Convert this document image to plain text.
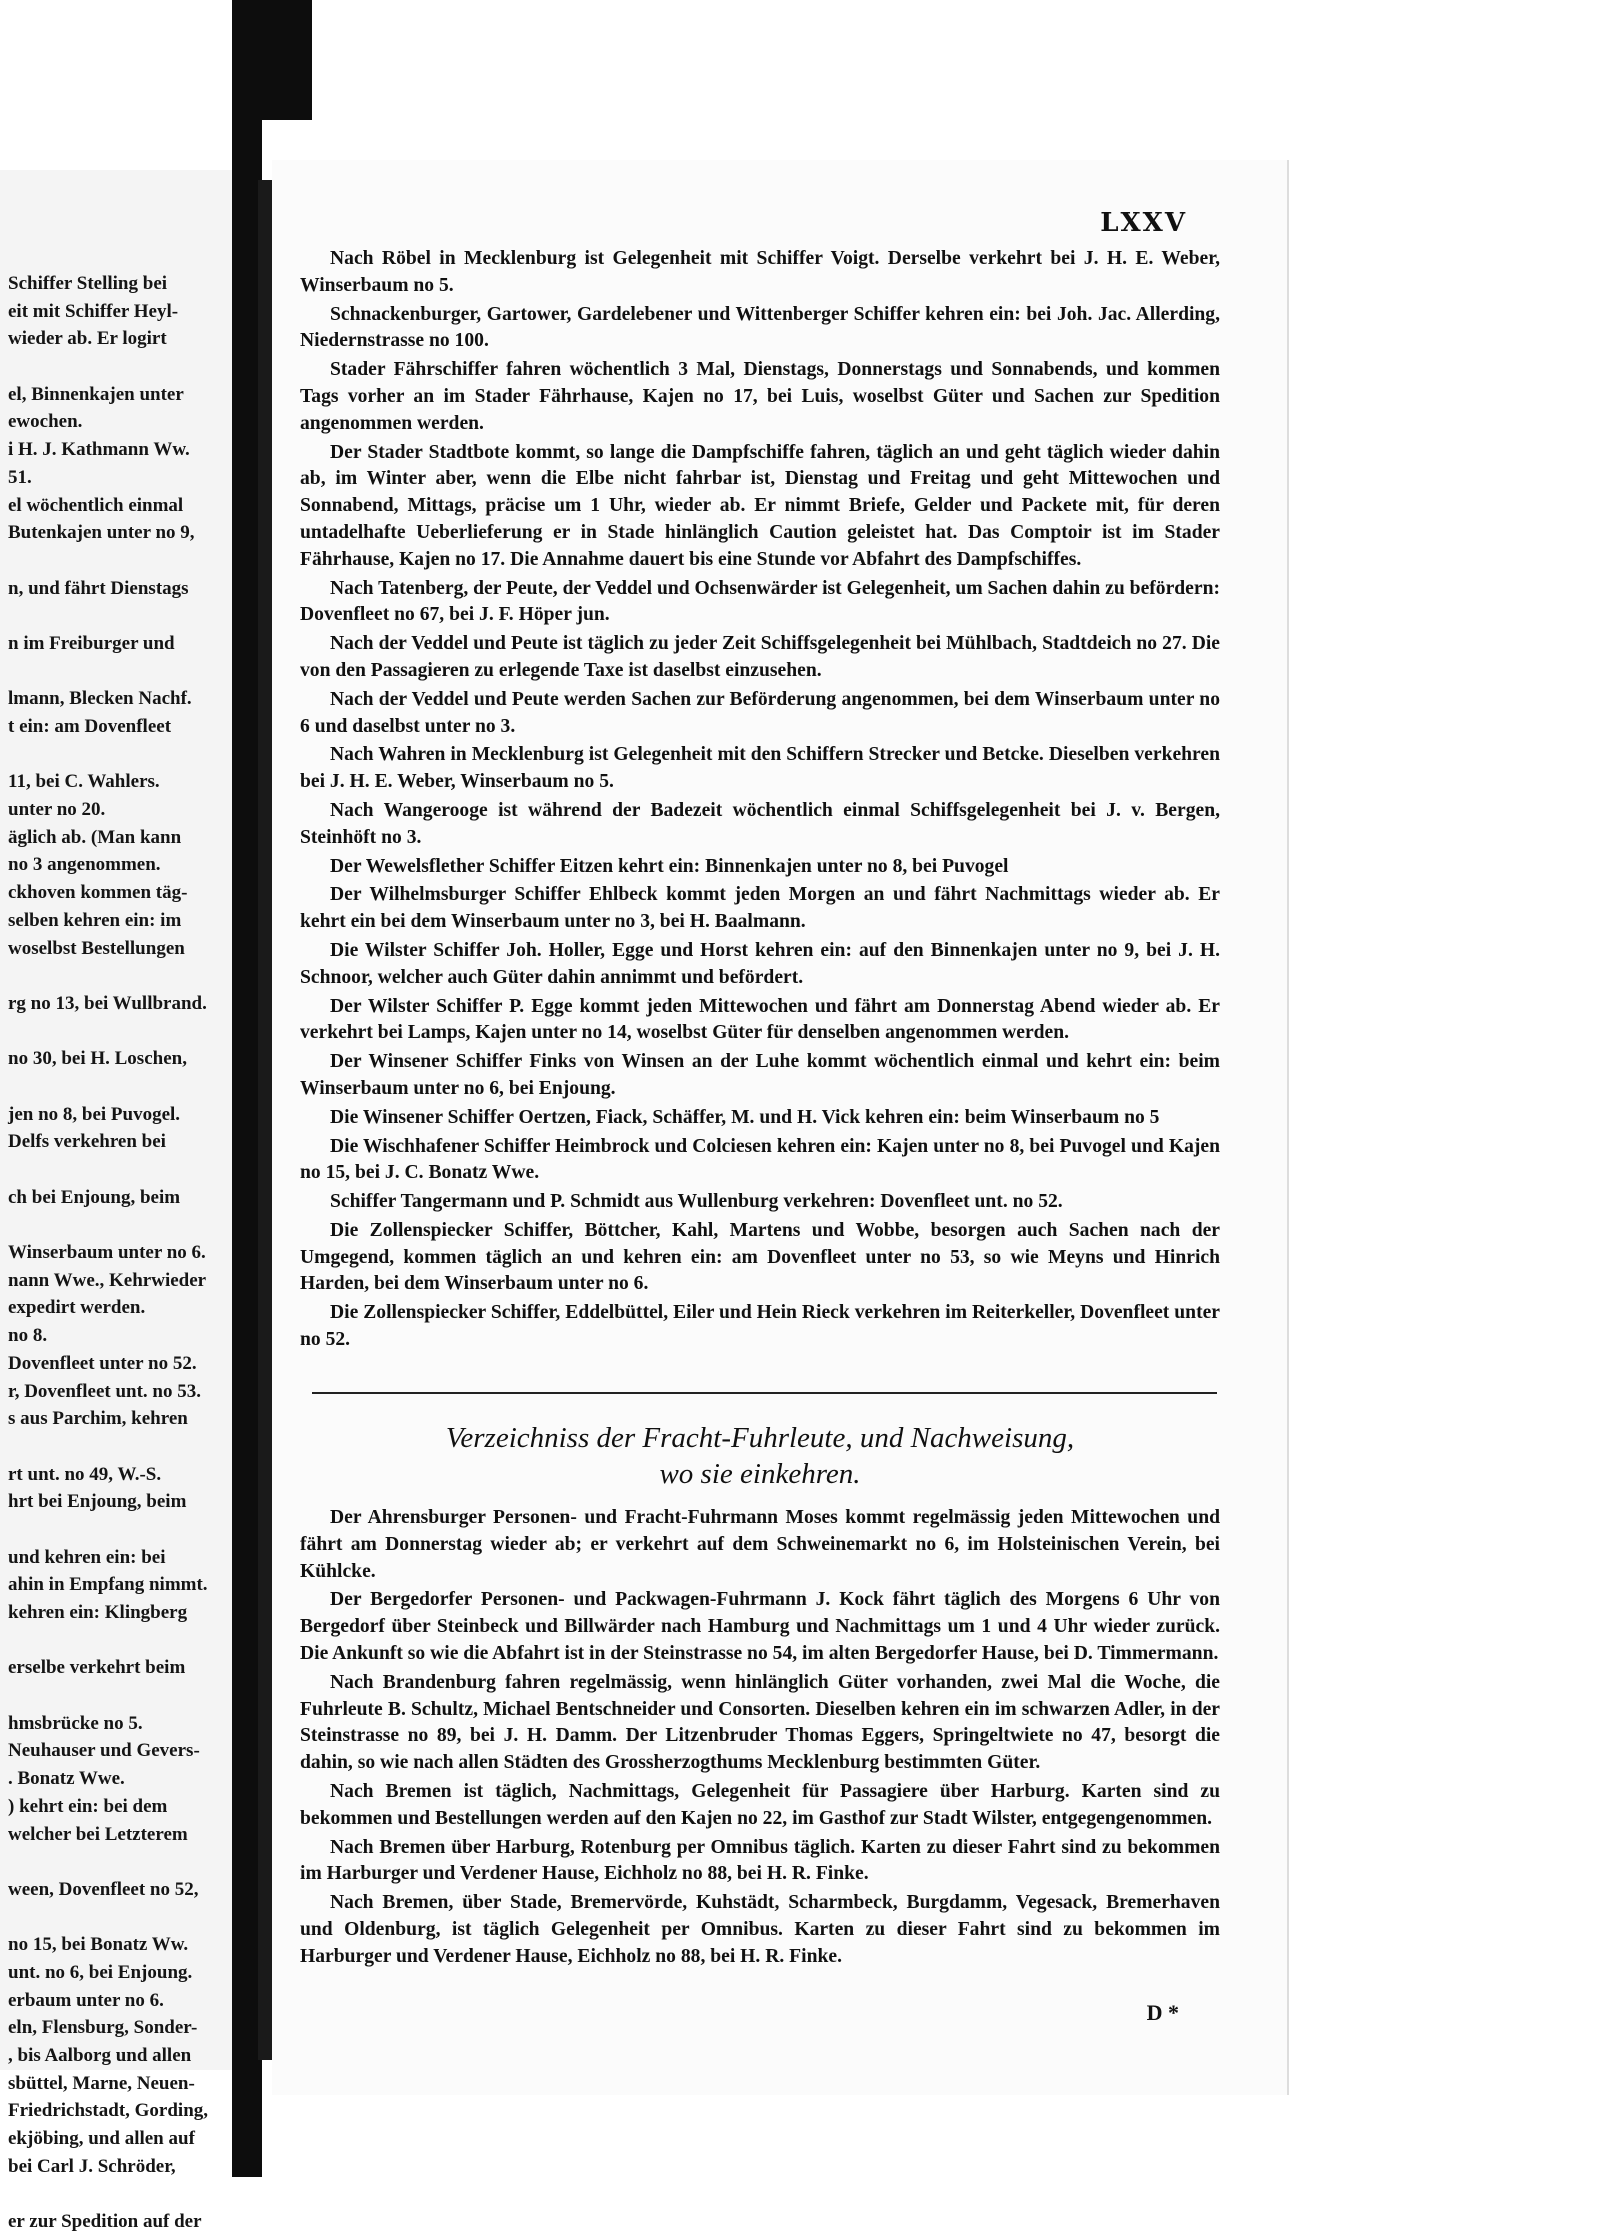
Schiffer Stelling bei
eit mit Schiffer Heyl-
wieder ab. Er logirt
el, Binnenkajen unter
ewochen.
i H. J. Kathmann Ww.
51.
el wöchentlich einmal
Butenkajen unter no 9,
n, und fährt Dienstags
n im Freiburger und
lmann, Blecken Nachf.
t ein: am Dovenfleet
11, bei C. Wahlers.
unter no 20.
äglich ab. (Man kann
no 3 angenommen.
ckhoven kommen täg-
selben kehren ein: im
woselbst Bestellungen
rg no 13, bei Wullbrand.
no 30, bei H. Loschen,
jen no 8, bei Puvogel.
Delfs verkehren bei
ch bei Enjoung, beim
Winserbaum unter no 6.
nann Wwe., Kehrwieder
expedirt werden.
no 8.
Dovenfleet unter no 52.
r, Dovenfleet unt. no 53.
s aus Parchim, kehren
rt unt. no 49, W.-S.
hrt bei Enjoung, beim
und kehren ein: bei
ahin in Empfang nimmt.
kehren ein: Klingberg
erselbe verkehrt beim
hmsbrücke no 5.
Neuhauser und Gevers-
. Bonatz Wwe.
) kehrt ein: bei dem
welcher bei Letzterem
ween, Dovenfleet no 52,
no 15, bei Bonatz Ww.
unt. no 6, bei Enjoung.
erbaum unter no 6.
eln, Flensburg, Sonder-
, bis Aalborg und allen
sbüttel, Marne, Neuen-
Friedrichstadt, Gording,
ekjöbing, und allen auf
bei Carl J. Schröder,
er zur Spedition auf der
LXXV

Nach Röbel in Mecklenburg ist Gelegenheit mit Schiffer Voigt. Derselbe verkehrt bei J. H. E. Weber, Winserbaum no 5.

Schnackenburger, Gartower, Gardelebener und Wittenberger Schiffer kehren ein: bei Joh. Jac. Allerding, Niedernstrasse no 100.

Stader Fährschiffer fahren wöchentlich 3 Mal, Dienstags, Donnerstags und Sonnabends, und kommen Tags vorher an im Stader Fährhause, Kajen no 17, bei Luis, woselbst Güter und Sachen zur Spedition angenommen werden.

Der Stader Stadtbote kommt, so lange die Dampfschiffe fahren, täglich an und geht täglich wieder dahin ab, im Winter aber, wenn die Elbe nicht fahrbar ist, Dienstag und Freitag und geht Mittewochen und Sonnabend, Mittags, präcise um 1 Uhr, wieder ab. Er nimmt Briefe, Gelder und Packete mit, für deren untadelhafte Ueberlieferung er in Stade hinlänglich Caution geleistet hat. Das Comptoir ist im Stader Fährhause, Kajen no 17. Die Annahme dauert bis eine Stunde vor Abfahrt des Dampfschiffes.

Nach Tatenberg, der Peute, der Veddel und Ochsenwärder ist Gelegenheit, um Sachen dahin zu befördern: Dovenfleet no 67, bei J. F. Höper jun.

Nach der Veddel und Peute ist täglich zu jeder Zeit Schiffsgelegenheit bei Mühlbach, Stadtdeich no 27. Die von den Passagieren zu erlegende Taxe ist daselbst einzusehen.

Nach der Veddel und Peute werden Sachen zur Beförderung angenommen, bei dem Winserbaum unter no 6 und daselbst unter no 3.

Nach Wahren in Mecklenburg ist Gelegenheit mit den Schiffern Strecker und Betcke. Dieselben verkehren bei J. H. E. Weber, Winserbaum no 5.

Nach Wangerooge ist während der Badezeit wöchentlich einmal Schiffsgelegenheit bei J. v. Bergen, Steinhöft no 3.

Der Wewelsflether Schiffer Eitzen kehrt ein: Binnenkajen unter no 8, bei Puvogel

Der Wilhelmsburger Schiffer Ehlbeck kommt jeden Morgen an und fährt Nachmittags wieder ab. Er kehrt ein bei dem Winserbaum unter no 3, bei H. Baalmann.

Die Wilster Schiffer Joh. Holler, Egge und Horst kehren ein: auf den Binnenkajen unter no 9, bei J. H. Schnoor, welcher auch Güter dahin annimmt und befördert.

Der Wilster Schiffer P. Egge kommt jeden Mittewochen und fährt am Donnerstag Abend wieder ab. Er verkehrt bei Lamps, Kajen unter no 14, woselbst Güter für denselben angenommen werden.

Der Winsener Schiffer Finks von Winsen an der Luhe kommt wöchentlich einmal und kehrt ein: beim Winserbaum unter no 6, bei Enjoung.

Die Winsener Schiffer Oertzen, Fiack, Schäffer, M. und H. Vick kehren ein: beim Winserbaum no 5

Die Wischhafener Schiffer Heimbrock und Colciesen kehren ein: Kajen unter no 8, bei Puvogel und Kajen no 15, bei J. C. Bonatz Wwe.

Schiffer Tangermann und P. Schmidt aus Wullenburg verkehren: Dovenfleet unt. no 52.

Die Zollenspiecker Schiffer, Böttcher, Kahl, Martens und Wobbe, besorgen auch Sachen nach der Umgegend, kommen täglich an und kehren ein: am Dovenfleet unter no 53, so wie Meyns und Hinrich Harden, bei dem Winserbaum unter no 6.

Die Zollenspiecker Schiffer, Eddelbüttel, Eiler und Hein Rieck verkehren im Reiterkeller, Dovenfleet unter no 52.

Verzeichniss der Fracht-Fuhrleute, und Nachweisung,
wo sie einkehren.

Der Ahrensburger Personen- und Fracht-Fuhrmann Moses kommt regelmässig jeden Mittewochen und fährt am Donnerstag wieder ab; er verkehrt auf dem Schweinemarkt no 6, im Holsteinischen Verein, bei Kühlcke.

Der Bergedorfer Personen- und Packwagen-Fuhrmann J. Kock fährt täglich des Morgens 6 Uhr von Bergedorf über Steinbeck und Billwärder nach Hamburg und Nachmittags um 1 und 4 Uhr wieder zurück. Die Ankunft so wie die Abfahrt ist in der Steinstrasse no 54, im alten Bergedorfer Hause, bei D. Timmermann.

Nach Brandenburg fahren regelmässig, wenn hinlänglich Güter vorhanden, zwei Mal die Woche, die Fuhrleute B. Schultz, Michael Bentschneider und Consorten. Dieselben kehren ein im schwarzen Adler, in der Steinstrasse no 89, bei J. H. Damm. Der Litzenbruder Thomas Eggers, Springeltwiete no 47, besorgt die dahin, so wie nach allen Städten des Grossherzogthums Mecklenburg bestimmten Güter.

Nach Bremen ist täglich, Nachmittags, Gelegenheit für Passagiere über Harburg. Karten sind zu bekommen und Bestellungen werden auf den Kajen no 22, im Gasthof zur Stadt Wilster, entgegengenommen.

Nach Bremen über Harburg, Rotenburg per Omnibus täglich. Karten zu dieser Fahrt sind zu bekommen im Harburger und Verdener Hause, Eichholz no 88, bei H. R. Finke.

Nach Bremen, über Stade, Bremervörde, Kuhstädt, Scharmbeck, Burgdamm, Vegesack, Bremerhaven und Oldenburg, ist täglich Gelegenheit per Omnibus. Karten zu dieser Fahrt sind zu bekommen im Harburger und Verdener Hause, Eichholz no 88, bei H. R. Finke.

D *
